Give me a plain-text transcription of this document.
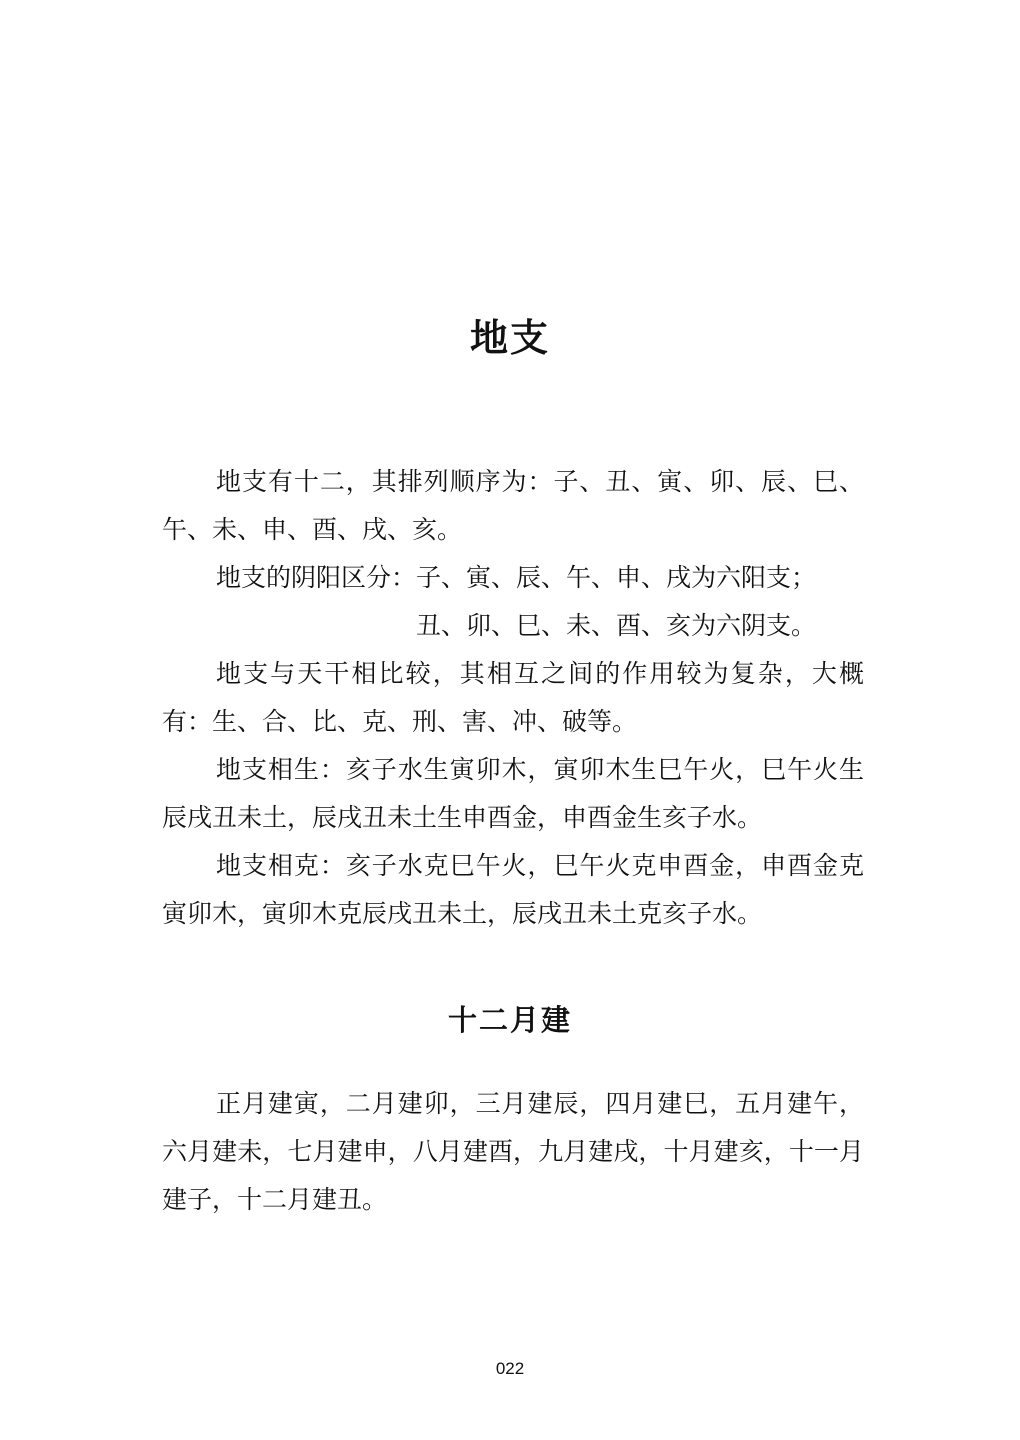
地支

地支有十二，其排列顺序为：子、丑、寅、卯、辰、巳、午、未、申、酉、戌、亥。

地支的阴阳区分：子、寅、辰、午、申、戌为六阳支；
丑、卯、巳、未、酉、亥为六阴支。

地支与天干相比较，其相互之间的作用较为复杂，大概有：生、合、比、克、刑、害、冲、破等。

地支相生：亥子水生寅卯木，寅卯木生巳午火，巳午火生辰戌丑未土，辰戌丑未土生申酉金，申酉金生亥子水。

地支相克：亥子水克巳午火，巳午火克申酉金，申酉金克寅卯木，寅卯木克辰戌丑未土，辰戌丑未土克亥子水。

十二月建

正月建寅，二月建卯，三月建辰，四月建巳，五月建午，六月建未，七月建申，八月建酉，九月建戌，十月建亥，十一月建子，十二月建丑。

022
